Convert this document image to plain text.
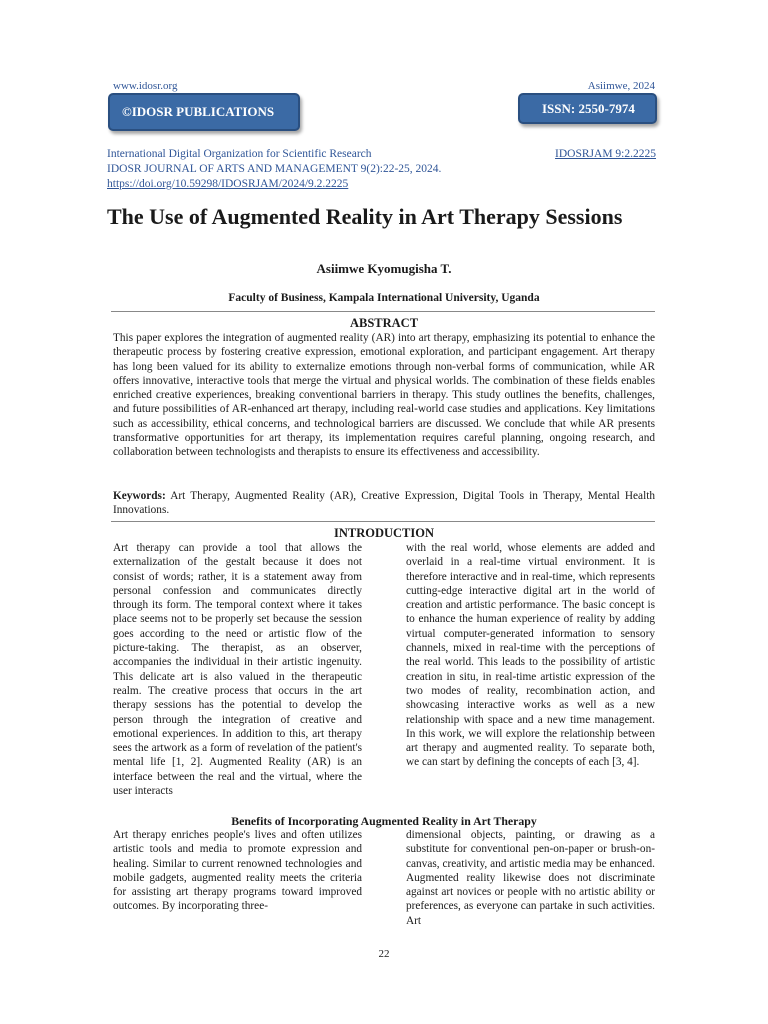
www.idosr.org	Asiimwe, 2024
©IDOSR PUBLICATIONS	ISSN: 2550-7974
International Digital Organization for Scientific Research	IDOSRJAM 9:2.2225
IDOSR JOURNAL OF ARTS AND MANAGEMENT 9(2):22-25, 2024.
https://doi.org/10.59298/IDOSRJAM/2024/9.2.2225
The Use of Augmented Reality in Art Therapy Sessions
Asiimwe Kyomugisha T.
Faculty of Business, Kampala International University, Uganda
ABSTRACT
This paper explores the integration of augmented reality (AR) into art therapy, emphasizing its potential to enhance the therapeutic process by fostering creative expression, emotional exploration, and participant engagement. Art therapy has long been valued for its ability to externalize emotions through non-verbal forms of communication, while AR offers innovative, interactive tools that merge the virtual and physical worlds. The combination of these fields enables enriched creative experiences, breaking conventional barriers in therapy. This study outlines the benefits, challenges, and future possibilities of AR-enhanced art therapy, including real-world case studies and applications. Key limitations such as accessibility, ethical concerns, and technological barriers are discussed. We conclude that while AR presents transformative opportunities for art therapy, its implementation requires careful planning, ongoing research, and collaboration between technologists and therapists to ensure its effectiveness and accessibility.
Keywords: Art Therapy, Augmented Reality (AR), Creative Expression, Digital Tools in Therapy, Mental Health Innovations.
INTRODUCTION
Art therapy can provide a tool that allows the externalization of the gestalt because it does not consist of words; rather, it is a statement away from personal confession and communicates directly through its form. The temporal context where it takes place seems not to be properly set because the session goes according to the need or artistic flow of the picture-taking. The therapist, as an observer, accompanies the individual in their artistic ingenuity. This delicate art is also valued in the therapeutic realm. The creative process that occurs in the art therapy sessions has the potential to develop the person through the integration of creative and emotional experiences. In addition to this, art therapy sees the artwork as a form of revelation of the patient's mental life [1, 2]. Augmented Reality (AR) is an interface between the real and the virtual, where the user interacts
with the real world, whose elements are added and overlaid in a real-time virtual environment. It is therefore interactive and in real-time, which represents cutting-edge interactive digital art in the world of creation and artistic performance. The basic concept is to enhance the human experience of reality by adding virtual computer-generated information to sensory channels, mixed in real-time with the perceptions of the real world. This leads to the possibility of artistic creation in situ, in real-time artistic expression of the two modes of reality, recombination action, and showcasing interactive works as well as a new relationship with space and a new time management. In this work, we will explore the relationship between art therapy and augmented reality. To separate both, we can start by defining the concepts of each [3, 4].
Benefits of Incorporating Augmented Reality in Art Therapy
Art therapy enriches people's lives and often utilizes artistic tools and media to promote expression and healing. Similar to current renowned technologies and mobile gadgets, augmented reality meets the criteria for assisting art therapy programs toward improved outcomes. By incorporating three-
dimensional objects, painting, or drawing as a substitute for conventional pen-on-paper or brush-on-canvas, creativity, and artistic media may be enhanced. Augmented reality likewise does not discriminate against art novices or people with no artistic ability or preferences, as everyone can partake in such activities. Art
22
